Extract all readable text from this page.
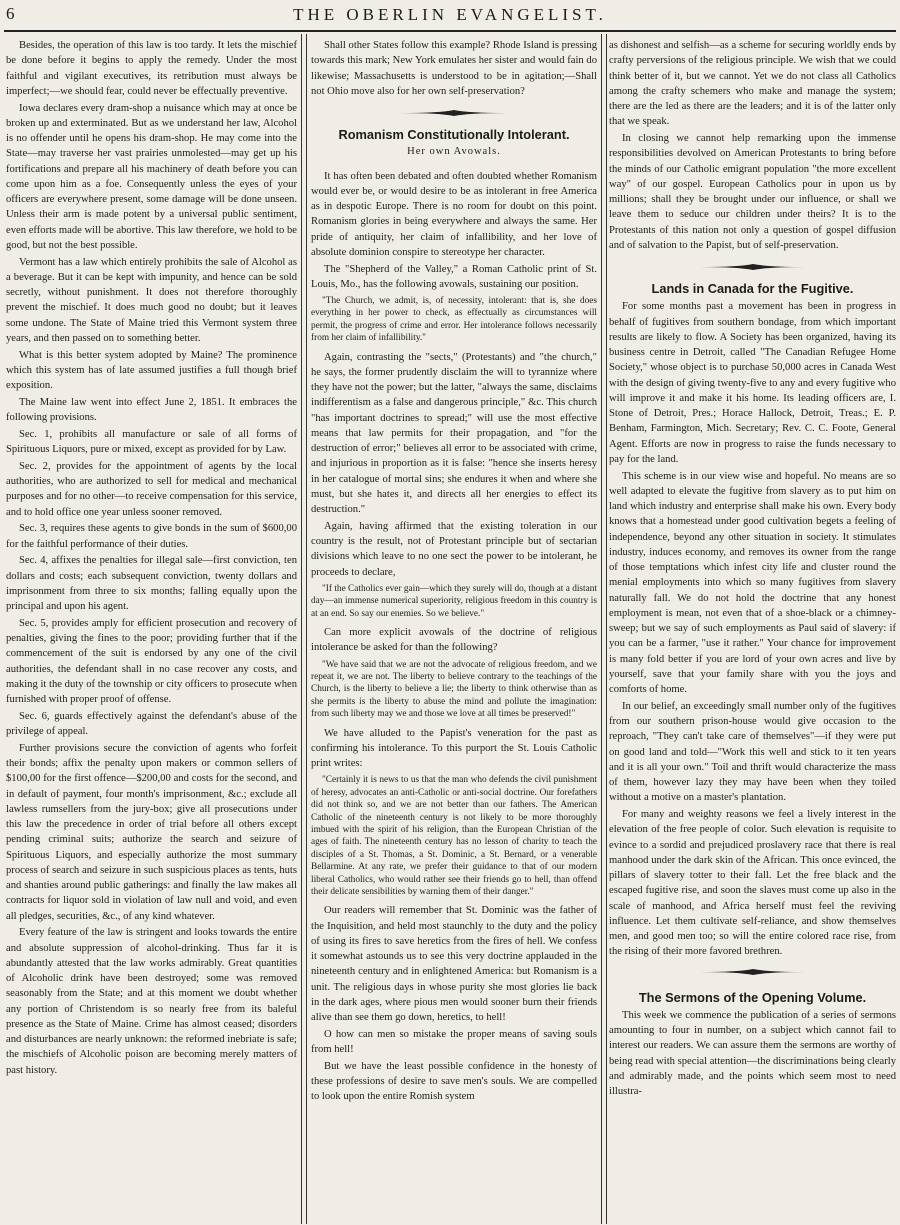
6	THE OBERLIN EVANGELIST.

Besides, the operation of this law is too tardy. It lets the mischief be done before it begins to apply the remedy. Under the most faithful and vigilant executives, its retribution must always be imperfect;—we should fear, could never be effectually preventive.

Iowa declares every dram-shop a nuisance which may at once be broken up and exterminated. But as we understand her law, Alcohol is no offender until he opens his dram-shop. He may come into the State—may traverse her vast prairies unmolested—may get up his fortifications and prepare all his machinery of death before you can come upon him as a foe. Consequently unless the eyes of your officers are everywhere present, some damage will be done unseen. Unless their arm is made potent by a universal public sentiment, even efforts made will be abortive. This law therefore, we hold to be good, but not the best possible.

Vermont has a law which entirely prohibits the sale of Alcohol as a beverage. But it can be kept with impunity, and hence can be sold secretly, without punishment. It does not therefore thoroughly prevent the mischief. It does much good no doubt; but it leaves some undone. The State of Maine tried this Vermont system three years, and then passed on to something better.

What is this better system adopted by Maine? The prominence which this system has of late assumed justifies a full though brief exposition.

The Maine law went into effect June 2, 1851. It embraces the following provisions.

Sec. 1, prohibits all manufacture or sale of all forms of Spirituous Liquors, pure or mixed, except as provided for by Law.

Sec. 2, provides for the appointment of agents by the local authorities, who are authorized to sell for medical and mechanical purposes and for no other—to receive compensation for this service, and to hold office one year unless sooner removed.

Sec. 3, requires these agents to give bonds in the sum of $600,00 for the faithful performance of their duties.

Sec. 4, affixes the penalties for illegal sale—first conviction, ten dollars and costs; each subsequent conviction, twenty dollars and imprisonment from three to six months; falling equally upon the principal and upon his agent.

Sec. 5, provides amply for efficient prosecution and recovery of penalties, giving the fines to the poor; providing further that if the commencement of the suit is endorsed by any one of the civil authorities, the defendant shall in no case recover any costs, and making it the duty of the township or city officers to prosecute when furnished with proper proof of offense.

Sec. 6, guards effectively against the defendant's abuse of the privilege of appeal.

Further provisions secure the conviction of agents who forfeit their bonds; affix the penalty upon makers or common sellers of $100,00 for the first offence—$200,00 and costs for the second, and in default of payment, four month's imprisonment, &c.; exclude all lawless rumsellers from the jury-box; give all prosecutions under this law the precedence in order of trial before all others except pending criminal suits; authorize the search and seizure of Spirituous Liquors, and especially authorize the most summary process of search and seizure in such suspicious places as tents, huts and shanties around public gatherings: and finally the law makes all contracts for liquor sold in violation of law null and void, and even all pledges, securities, &c., of any kind whatever.

Every feature of the law is stringent and looks towards the entire and absolute suppression of alcohol-drinking. Thus far it is abundantly attested that the law works admirably. Great quantities of Alcoholic drink have been destroyed; some was removed seasonably from the State; and at this moment we doubt whether any portion of Christendom is so nearly free from its baleful presence as the State of Maine. Crime has almost ceased; disorders and disturbances are nearly unknown: the reformed inebriate is safe; the mischiefs of Alcoholic poison are becoming merely matters of past history.

Shall other States follow this example? Rhode Island is pressing towards this mark; New York emulates her sister and would fain do likewise; Massachusetts is understood to be in agitation;—Shall not Ohio move also for her own self-preservation?

Romanism Constitutionally Intolerant.
Her own Avowals.

It has often been debated and often doubted whether Romanism would ever be, or would desire to be as intolerant in free America as in despotic Europe. There is no room for doubt on this point. Romanism glories in being everywhere and always the same. Her pride of antiquity, her claim of infallibility, and her love of absolute dominion conspire to stereotype her character.

The "Shepherd of the Valley," a Roman Catholic print of St. Louis, Mo., has the following avowals, sustaining our position.

"The Church, we admit, is, of necessity, intolerant: that is, she does everything in her power to check, as effectually as circumstances will permit, the progress of crime and error. Her intolerance follows necessarily from her claim of infallibility."

Again, contrasting the "sects," (Protestants) and "the church," he says, the former prudently disclaim the will to tyrannize where they have not the power; but the latter, "always the same, disclaims indifferentism as a false and dangerous principle," &c. This church "has important doctrines to spread;" will use the most effective means that law permits for their propagation, and "for the destruction of error;" believes all error to be associated with crime, and injurious in proportion as it is false: "hence she inserts heresy in her catalogue of mortal sins; she endures it when and where she must, but she hates it, and directs all her energies to effect its destruction."

Again, having affirmed that the existing toleration in our country is the result, not of Protestant principle but of sectarian divisions which leave to no one sect the power to be intolerant, he proceeds to declare,

"If the Catholics ever gain—which they surely will do, though at a distant day—an immense numerical superiority, religious freedom in this country is at an end. So say our enemies. So we believe."

Can more explicit avowals of the doctrine of religious intolerance be asked for than the following?

"We have said that we are not the advocate of religious freedom, and we repeat it, we are not. The liberty to believe contrary to the teachings of the Church, is the liberty to believe a lie; the liberty to think otherwise than as she permits is the liberty to abuse the mind and pollute the imagination: from such liberty may we and those we love at all times be preserved!"

We have alluded to the Papist's veneration for the past as confirming his intolerance. To this purport the St. Louis Catholic print writes:

"Certainly it is news to us that the man who defends the civil punishment of heresy, advocates an anti-Catholic or anti-social doctrine. Our forefathers did not think so, and we are not better than our fathers. The American Catholic of the nineteenth century is not likely to be more thoroughly imbued with the spirit of his religion, than the European Christian of the ages of faith. The nineteenth century has no lesson of charity to teach the disciples of a St. Thomas, a St. Dominic, a St. Bernard, or a venerable Bellarmine. At any rate, we prefer their guidance to that of our modern liberal Catholics, who would rather see their friends go to hell, than offend their delicate sensibilities by warning them of their danger."

Our readers will remember that St. Dominic was the father of the Inquisition, and held most staunchly to the duty and the policy of using its fires to save heretics from the fires of hell. We confess it somewhat astounds us to see this very doctrine applauded in the nineteenth century and in enlightened America: but Romanism is a unit. The religious days in whose purity she most glories lie back in the dark ages, where pious men would sooner burn their friends alive than see them go down, heretics, to hell!

O how can men so mistake the proper means of saving souls from hell!

But we have the least possible confidence in the honesty of these professions of desire to save men's souls. We are compelled to look upon the entire Romish system

as dishonest and selfish—as a scheme for securing worldly ends by crafty perversions of the religious principle. We wish that we could think better of it, but we cannot. Yet we do not class all Catholics among the crafty schemers who make and manage the system; there are the led as there are the leaders; and it is of the latter only that we speak.

In closing we cannot help remarking upon the immense responsibilities devolved on American Protestants to bring before the minds of our Catholic emigrant population "the more excellent way" of our gospel. European Catholics pour in upon us by millions; shall they be brought under our influence, or shall we leave them to seduce our children under theirs? It is to the Protestants of this nation not only a question of gospel diffusion and of salvation to the Papist, but of self-preservation.

Lands in Canada for the Fugitive.

For some months past a movement has been in progress in behalf of fugitives from southern bondage, from which important results are likely to flow. A Society has been organized, having its business centre in Detroit, called "The Canadian Refugee Home Society," whose object is to purchase 50,000 acres in Canada West with the design of giving twenty-five to any and every fugitive who will improve it and make it his home. Its leading officers are, I. Stone of Detroit, Pres.; Horace Hallock, Detroit, Treas.; E. P. Benham, Farmington, Mich. Secretary; Rev. C. C. Foote, General Agent. Efforts are now in progress to raise the funds necessary to pay for the land.

This scheme is in our view wise and hopeful. No means are so well adapted to elevate the fugitive from slavery as to put him on land which industry and enterprise shall make his own. Every body knows that a homestead under good cultivation begets a feeling of independence, beyond any other situation in society. It stimulates industry, induces economy, and removes its owner from the range of those temptations which infest city life and cluster round the menial employments into which so many fugitives from slavery naturally fall. We do not hold the doctrine that any honest employment is mean, not even that of a shoe-black or a chimney-sweep; but we say of such employments as Paul said of slavery: if you can be a farmer, "use it rather." Your chance for improvement is many fold better if you are lord of your own acres and live by yourself, save that your family share with you the joys and comforts of home.

In our belief, an exceedingly small number only of the fugitives from our southern prison-house would give occasion to the reproach, "They can't take care of themselves"—if they were put on good land and told—"Work this well and stick to it ten years and it is all your own." Toil and thrift would characterize the mass of them, however lazy they may have been when they toiled without a motive on a master's plantation.

For many and weighty reasons we feel a lively interest in the elevation of the free people of color. Such elevation is requisite to evince to a sordid and prejudiced proslavery race that there is real manhood under the dark skin of the African. This once evinced, the pillars of slavery totter to their fall. Let the free black and the escaped fugitive rise, and soon the slaves must come up also in the scale of manhood, and Africa herself must feel the reviving influence. Let them cultivate self-reliance, and show themselves men, and good men too; so will the entire colored race rise, from the rising of their more favored brethren.

The Sermons of the Opening Volume.

This week we commence the publication of a series of sermons amounting to four in number, on a subject which cannot fail to interest our readers. We can assure them the sermons are worthy of being read with special attention—the discriminations being clearly and admirably made, and the points which seem most to need illustra-
